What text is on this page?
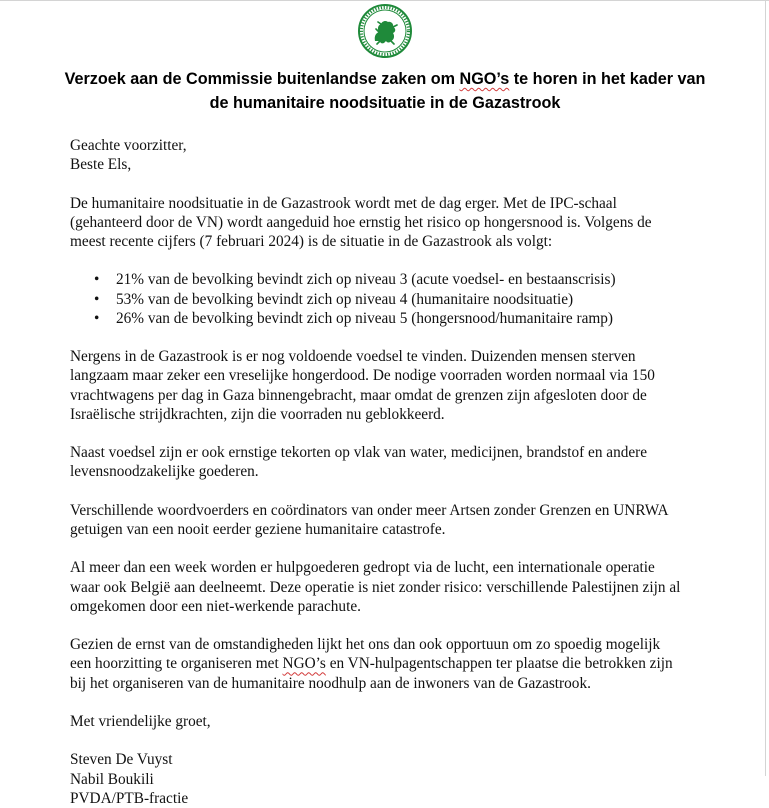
Verzoek aan de Commissie buitenlandse zaken om NGO’s te horen in het kader van
de humanitaire noodsituatie in de Gazastrook

Geachte voorzitter,
Beste Els,

De humanitaire noodsituatie in de Gazastrook wordt met de dag erger. Met de IPC-schaal
(gehanteerd door de VN) wordt aangeduid hoe ernstig het risico op hongersnood is. Volgens de
meest recente cijfers (7 februari 2024) is de situatie in de Gazastrook als volgt:

• 21% van de bevolking bevindt zich op niveau 3 (acute voedsel- en bestaanscrisis)
• 53% van de bevolking bevindt zich op niveau 4 (humanitaire noodsituatie)
• 26% van de bevolking bevindt zich op niveau 5 (hongersnood/humanitaire ramp)

Nergens in de Gazastrook is er nog voldoende voedsel te vinden. Duizenden mensen sterven
langzaam maar zeker een vreselijke hongerdood. De nodige voorraden worden normaal via 150
vrachtwagens per dag in Gaza binnengebracht, maar omdat de grenzen zijn afgesloten door de
Israëlische strijdkrachten, zijn die voorraden nu geblokkeerd.

Naast voedsel zijn er ook ernstige tekorten op vlak van water, medicijnen, brandstof en andere
levensnoodzakelijke goederen.

Verschillende woordvoerders en coördinators van onder meer Artsen zonder Grenzen en UNRWA
getuigen van een nooit eerder geziene humanitaire catastrofe.

Al meer dan een week worden er hulpgoederen gedropt via de lucht, een internationale operatie
waar ook België aan deelneemt. Deze operatie is niet zonder risico: verschillende Palestijnen zijn al
omgekomen door een niet-werkende parachute.

Gezien de ernst van de omstandigheden lijkt het ons dan ook opportuun om zo spoedig mogelijk
een hoorzitting te organiseren met NGO’s en VN-hulpagentschappen ter plaatse die betrokken zijn
bij het organiseren van de humanitaire noodhulp aan de inwoners van de Gazastrook.

Met vriendelijke groet,

Steven De Vuyst
Nabil Boukili
PVDA/PTB-fractie
